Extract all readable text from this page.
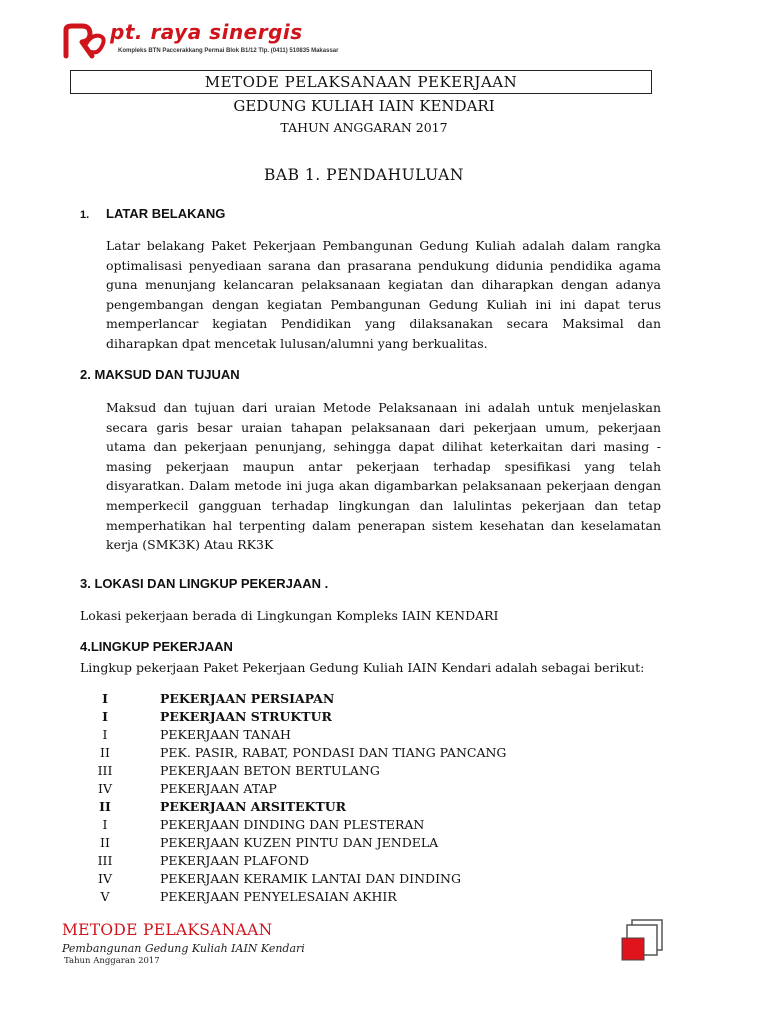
pt. raya sinergis
Kompleks BTN Paccerakkang Permai Blok B1/12 Tlp. (0411) 510835 Makassar
METODE PELAKSANAAN PEKERJAAN
GEDUNG KULIAH IAIN KENDARI
TAHUN ANGGARAN 2017
BAB 1. PENDAHULUAN
1. LATAR BELAKANG
Latar belakang Paket Pekerjaan Pembangunan Gedung Kuliah adalah dalam rangka optimalisasi penyediaan sarana dan prasarana pendukung didunia pendidika agama guna menunjang kelancaran pelaksanaan kegiatan dan diharapkan dengan adanya pengembangan dengan kegiatan Pembangunan Gedung Kuliah ini ini dapat terus memperlancar kegiatan Pendidikan yang dilaksanakan secara Maksimal dan diharapkan dpat mencetak lulusan/alumni yang berkualitas.
2. MAKSUD DAN TUJUAN
Maksud dan tujuan dari uraian Metode Pelaksanaan ini adalah untuk menjelaskan secara garis besar uraian tahapan pelaksanaan dari pekerjaan umum, pekerjaan utama dan pekerjaan penunjang, sehingga dapat dilihat keterkaitan dari masing - masing pekerjaan maupun antar pekerjaan terhadap spesifikasi yang telah disyaratkan. Dalam metode ini juga akan digambarkan pelaksanaan pekerjaan dengan memperkecil gangguan terhadap lingkungan dan lalulintas pekerjaan dan tetap memperhatikan hal terpenting dalam penerapan sistem kesehatan dan keselamatan kerja (SMK3K) Atau RK3K
3. LOKASI DAN LINGKUP PEKERJAAN .
Lokasi pekerjaan berada di Lingkungan Kompleks IAIN KENDARI
4.LINGKUP PEKERJAAN
Lingkup pekerjaan Paket Pekerjaan Gedung Kuliah IAIN Kendari adalah sebagai berikut:
I	PEKERJAAN PERSIAPAN
I	PEKERJAAN STRUKTUR
I	PEKERJAAN TANAH
II	PEK. PASIR, RABAT, PONDASI DAN TIANG PANCANG
III	PEKERJAAN BETON BERTULANG
IV	PEKERJAAN ATAP
II	PEKERJAAN ARSITEKTUR
I	PEKERJAAN DINDING DAN PLESTERAN
II	PEKERJAAN KUZEN PINTU DAN JENDELA
III	PEKERJAAN PLAFOND
IV	PEKERJAAN KERAMIK LANTAI DAN DINDING
V	PEKERJAAN PENYELESAIAN AKHIR
METODE PELAKSANAAN
Pembangunan Gedung Kuliah IAIN Kendari
Tahun Anggaran 2017
